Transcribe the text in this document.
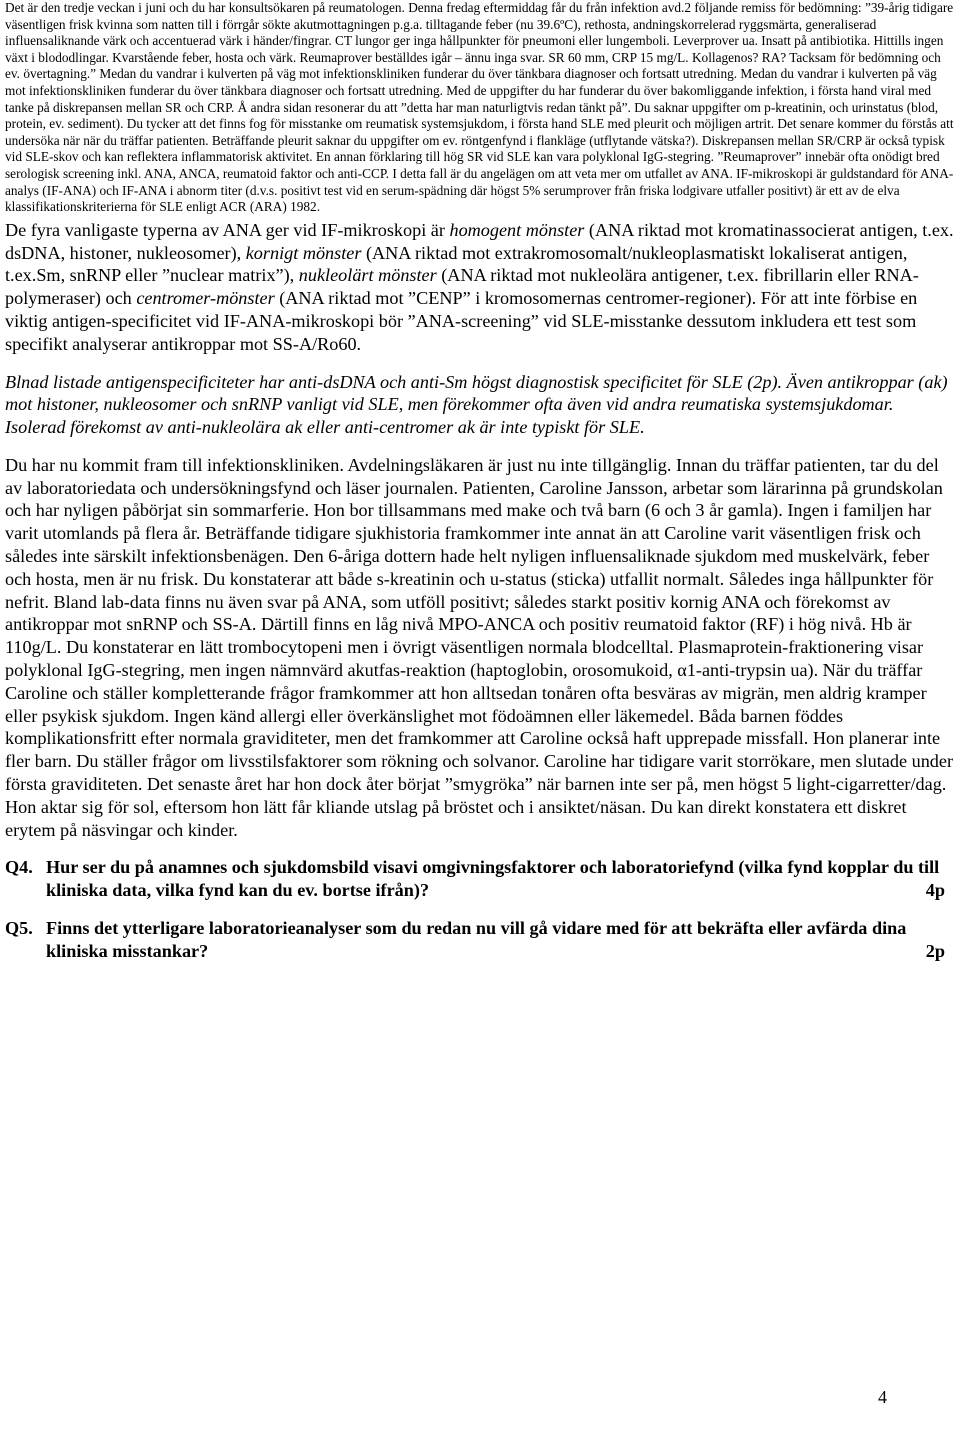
Det är den tredje veckan i juni och du har konsultsökaren på reumatologen. Denna fredag eftermiddag får du från infektion avd.2 följande remiss för bedömning: ”39-årig tidigare väsentligen frisk kvinna som natten till i förrgår sökte akutmottagningen p.g.a. tilltagande feber (nu 39.6ºC), rethosta, andningskorrelerad ryggsmärta, generaliserad influensaliknande värk och accentuerad värk i händer/fingrar. CT lungor ger inga hållpunkter för pneumoni eller lungemboli. Leverprover ua. Insatt på antibiotika. Hittills ingen växt i blododlingar. Kvarstående feber, hosta och värk. Reumaprover beställdes igår – ännu inga svar. SR 60 mm, CRP 15 mg/L. Kollagenos? RA? Tacksam för bedömning och ev. övertagning.” Medan du vandrar i kulverten på väg mot infektionskliniken funderar du över tänkbara diagnoser och fortsatt utredning. Medan du vandrar i kulverten på väg mot infektionskliniken funderar du över tänkbara diagnoser och fortsatt utredning. Med de uppgifter du har funderar du över bakomliggande infektion, i första hand viral med tanke på diskrepansen mellan SR och CRP. Å andra sidan resonerar du att ”detta har man naturligtvis redan tänkt på”. Du saknar uppgifter om p-kreatinin, och urinstatus (blod, protein, ev. sediment). Du tycker att det finns fog för misstanke om reumatisk systemsjukdom, i första hand SLE med pleurit och möjligen artrit. Det senare kommer du förstås att undersöka när när du träffar patienten. Beträffande pleurit saknar du uppgifter om ev. röntgenfynd i flankläge (utflytande vätska?). Diskrepansen mellan SR/CRP är också typisk vid SLE-skov och kan reflektera inflammatorisk aktivitet. En annan förklaring till hög SR vid SLE kan vara polyklonal IgG-stegring. ”Reumaprover” innebär ofta onödigt bred serologisk screening inkl. ANA, ANCA, reumatoid faktor och anti-CCP. I detta fall är du angelägen om att veta mer om utfallet av ANA. IF-mikroskopi är guldstandard för ANA-analys (IF-ANA) och IF-ANA i abnorm titer (d.v.s. positivt test vid en serum-spädning där högst 5% serumprover från friska lodgivare utfaller positivt) är ett av de elva klassifikationskriterierna för SLE enligt ACR (ARA) 1982.

De fyra vanligaste typerna av ANA ger vid IF-mikroskopi är homogent mönster (ANA riktad mot kromatinassocierat antigen, t.ex. dsDNA, histoner, nukleosomer), kornigt mönster (ANA riktad mot extrakromosomalt/nukleoplasmatiskt lokaliserat antigen, t.ex.Sm, snRNP eller ”nuclear matrix”), nukleolärt mönster (ANA riktad mot nukleolära antigener, t.ex. fibrillarin eller RNA-polymeraser) och centromer-mönster (ANA riktad mot ”CENP” i kromosomernas centromer-regioner). För att inte förbise en viktig antigen-specificitet vid IF-ANA-mikroskopi bör ”ANA-screening” vid SLE-misstanke dessutom inkludera ett test som specifikt analyserar antikroppar mot SS-A/Ro60.

Blnad listade antigenspecificiteter har anti-dsDNA och anti-Sm högst diagnostisk specificitet för SLE (2p). Även antikroppar (ak) mot histoner, nukleosomer och snRNP vanligt vid SLE, men förekommer ofta även vid andra reumatiska systemsjukdomar. Isolerad förekomst av anti-nukleolära ak eller anti-centromer ak är inte typiskt för SLE.

Du har nu kommit fram till infektionskliniken. Avdelningsläkaren är just nu inte tillgänglig. Innan du träffar patienten, tar du del av laboratoriedata och undersökningsfynd och läser journalen. Patienten, Caroline Jansson, arbetar som lärarinna på grundskolan och har nyligen påbörjat sin sommarferie. Hon bor tillsammans med make och två barn (6 och 3 år gamla). Ingen i familjen har varit utomlands på flera år. Beträffande tidigare sjukhistoria framkommer inte annat än att Caroline varit väsentligen frisk och således inte särskilt infektionsbenägen. Den 6-åriga dottern hade helt nyligen influensaliknade sjukdom med muskelvärk, feber och hosta, men är nu frisk. Du konstaterar att både s-kreatinin och u-status (sticka) utfallit normalt. Således inga hållpunkter för nefrit. Bland lab-data finns nu även svar på ANA, som utföll positivt; således starkt positiv kornig ANA och förekomst av antikroppar mot snRNP och SS-A. Därtill finns en låg nivå MPO-ANCA och positiv reumatoid faktor (RF) i hög nivå. Hb är 110g/L. Du konstaterar en lätt trombocytopeni men i övrigt väsentligen normala blodcelltal. Plasmaprotein-fraktionering visar polyklonal IgG-stegring, men ingen nämnvärd akutfas-reaktion (haptoglobin, orosomukoid, α1-anti-trypsin ua). När du träffar Caroline och ställer kompletterande frågor framkommer att hon alltsedan tonåren ofta besväras av migrän, men aldrig kramper eller psykisk sjukdom. Ingen känd allergi eller överkänslighet mot födoämnen eller läkemedel. Båda barnen föddes komplikationsfritt efter normala graviditeter, men det framkommer att Caroline också haft upprepade missfall. Hon planerar inte fler barn. Du ställer frågor om livsstilsfaktorer som rökning och solvanor. Caroline har tidigare varit storrökare, men slutade under första graviditeten. Det senaste året har hon dock åter börjat ”smygröka” när barnen inte ser på, men högst 5 light-cigarretter/dag. Hon aktar sig för sol, eftersom hon lätt får kliande utslag på bröstet och i ansiktet/näsan. Du kan direkt konstatera ett diskret erytem på näsvingar och kinder.

Q4. Hur ser du på anamnes och sjukdomsbild visavi omgivningsfaktorer och laboratoriefynd (vilka fynd kopplar du till kliniska data, vilka fynd kan du ev. bortse ifrån)?	4p
Q5. Finns det ytterligare laboratorieanalyser som du redan nu vill gå vidare med för att bekräfta eller avfärda dina kliniska misstankar?	2p
4
